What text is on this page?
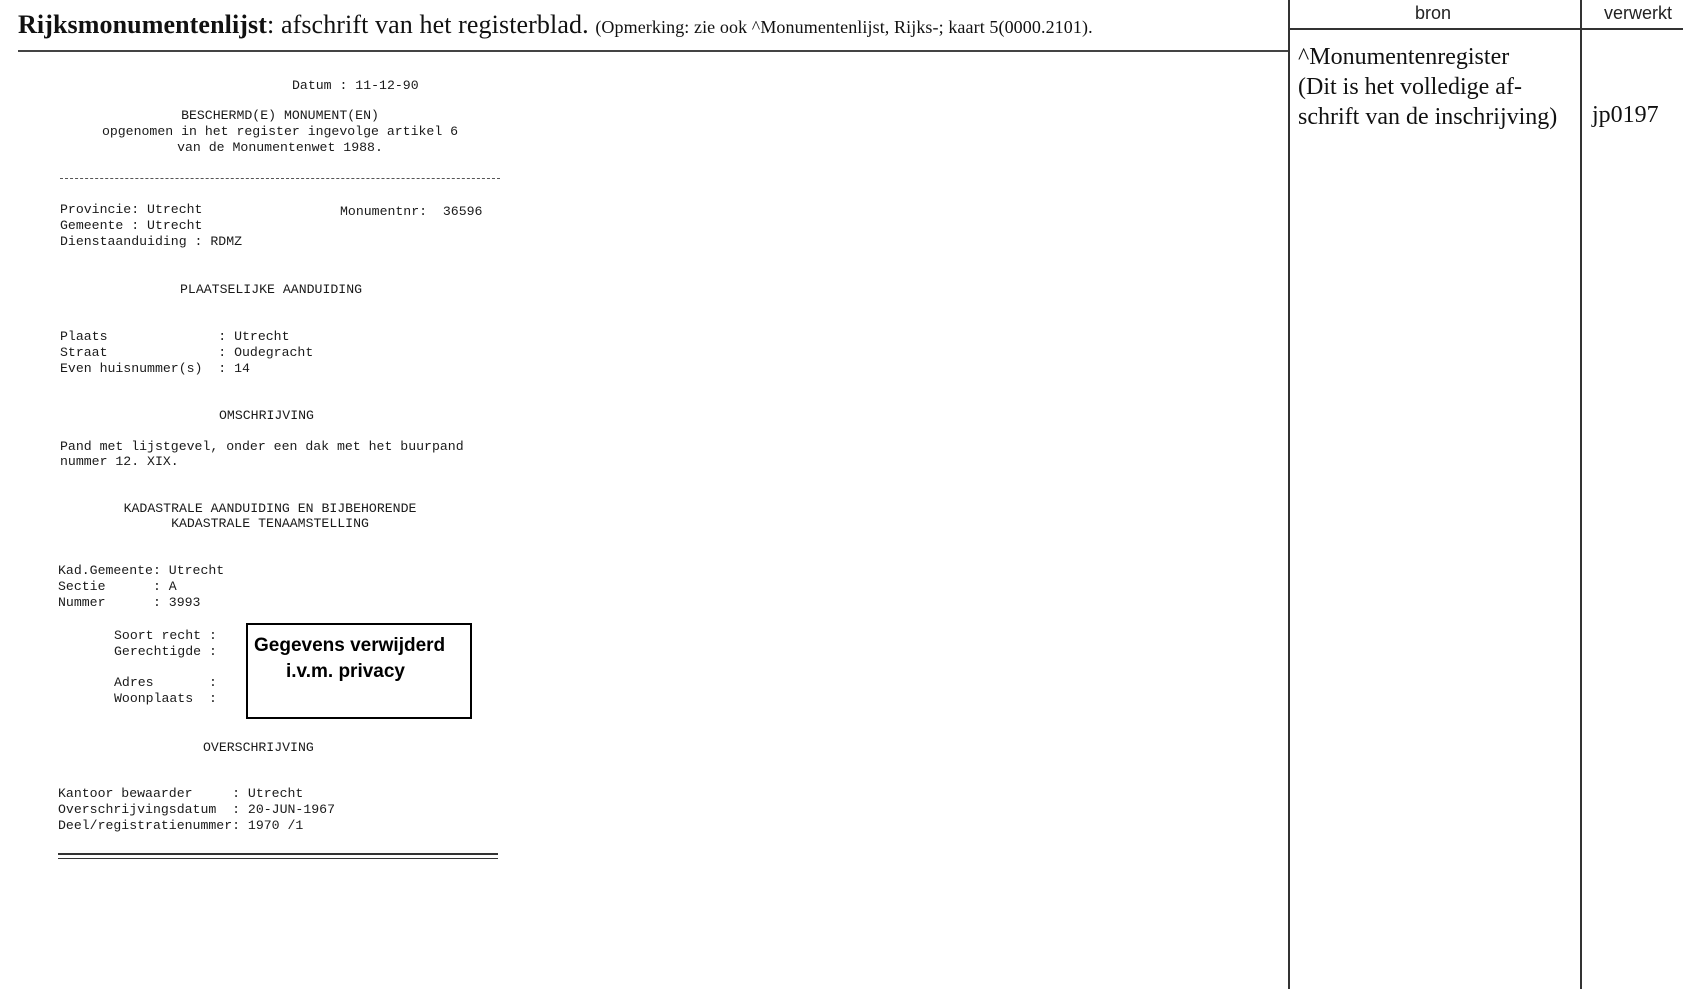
Rijksmonumentenlijst: afschrift van het registerblad. (Opmerking: zie ook ^Monumentenlijst, Rijks-; kaart 5(0000.2101).
bron	verwerkt
^Monumentenregister
(Dit is het volledige af-
schrift van de inschrijving)	jp0197
Datum : 11-12-90
BESCHERMD(E) MONUMENT(EN)
opgenomen in het register ingevolge artikel 6
van de Monumentenwet 1988.
Provincie: Utrecht	Monumentnr:  36596
Gemeente : Utrecht
Dienstaanduiding : RDMZ
PLAATSELIJKE AANDUIDING
Plaats              : Utrecht
Straat              : Oudegracht
Even huisnummer(s)  : 14
OMSCHRIJVING
Pand met lijstgevel, onder een dak met het buurpand
nummer 12. XIX.
KADASTRALE AANDUIDING EN BIJBEHORENDE
KADASTRALE TENAAMSTELLING
Kad.Gemeente: Utrecht
Sectie      : A
Nummer      : 3993
Soort recht :
Gerechtigde :
Adres       :
Woonplaats  :
Gegevens verwijderd
i.v.m. privacy
OVERSCHRIJVING
Kantoor bewaarder     : Utrecht
Overschrijvingsdatum  : 20-JUN-1967
Deel/registratienummer: 1970 /1
